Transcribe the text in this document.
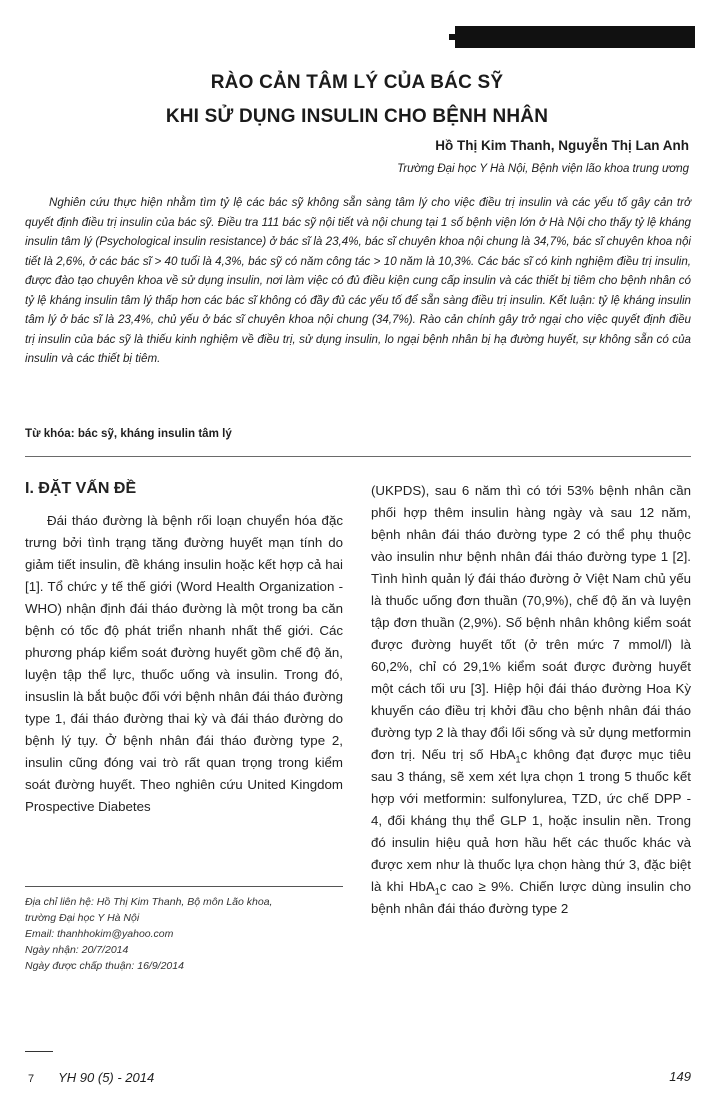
RÀO CẢN TÂM LÝ CỦA BÁC SỸ
KHI SỬ DỤNG INSULIN CHO BỆNH NHÂN
Hồ Thị Kim Thanh, Nguyễn Thị Lan Anh
Trường Đại học Y Hà Nội, Bệnh viện lão khoa trung ương

Nghiên cứu thực hiện nhằm tìm tỷ lệ các bác sỹ không sẵn sàng tâm lý cho việc điều trị insulin và các yếu tố gây cản trở quyết định điều trị insulin của bác sỹ. Điều tra 111 bác sỹ nội tiết và nội chung tại 1 số bệnh viện lớn ở Hà Nội cho thấy tỷ lệ kháng insulin tâm lý (Psychological insulin resistance) ở bác sĩ là 23,4%, bác sĩ chuyên khoa nội chung là 34,7%, bác sĩ chuyên khoa nội tiết là 2,6%, ở các bác sĩ > 40 tuổi là 4,3%, bác sỹ có năm công tác > 10 năm là 10,3%. Các bác sĩ có kinh nghiệm điều trị insulin, được đào tạo chuyên khoa về sử dụng insulin, nơi làm việc có đủ điều kiện cung cấp insulin và các thiết bị tiêm cho bệnh nhân có tỷ lệ kháng insulin tâm lý thấp hơn các bác sĩ không có đầy đủ các yếu tố để sẵn sàng điều trị insulin. Kết luận: tỷ lệ kháng insulin tâm lý ở bác sĩ là 23,4%, chủ yếu ở bác sĩ chuyên khoa nội chung (34,7%). Rào cản chính gây trở ngại cho việc quyết định điều trị insulin của bác sỹ là thiếu kinh nghiệm về điều trị, sử dụng insulin, lo ngại bệnh nhân bị hạ đường huyết, sự không sẵn có của insulin và các thiết bị tiêm.

Từ khóa: bác sỹ, kháng insulin tâm lý

I. ĐẶT VẤN ĐỀ

Đái tháo đường là bệnh rối loạn chuyển hóa đặc trưng bởi tình trạng tăng đường huyết mạn tính do giảm tiết insulin, đề kháng insulin hoặc kết hợp cả hai [1]. Tổ chức y tế thế giới (Word Health Organization - WHO) nhận định đái tháo đường là một trong ba căn bệnh có tốc độ phát triển nhanh nhất thế giới. Các phương pháp kiểm soát đường huyết gồm chế độ ăn, luyện tập thể lực, thuốc uống và insulin. Trong đó, insuslin là bắt buộc đối với bệnh nhân đái tháo đường type 1, đái tháo đường thai kỳ và đái tháo đường do bệnh lý tụy. Ở bệnh nhân đái tháo đường type 2, insulin cũng đóng vai trò rất quan trọng trong kiểm soát đường huyết. Theo nghiên cứu United Kingdom Prospective Diabetes

(UKPDS), sau 6 năm thì có tới 53% bệnh nhân cần phối hợp thêm insulin hàng ngày và sau 12 năm, bệnh nhân đái tháo đường type 2 có thể phụ thuộc vào insulin như bệnh nhân đái tháo đường type 1 [2]. Tình hình quản lý đái tháo đường ở Việt Nam chủ yếu là thuốc uống đơn thuần (70,9%), chế độ ăn và luyện tập đơn thuần (2,9%). Số bệnh nhân không kiểm soát được đường huyết tốt (ở trên mức 7 mmol/l) là 60,2%, chỉ có 29,1% kiểm soát được đường huyết một cách tối ưu [3]. Hiệp hội đái tháo đường Hoa Kỳ khuyến cáo điều trị khởi đầu cho bệnh nhân đái tháo đường typ 2 là thay đổi lối sống và sử dụng metformin đơn trị. Nếu trị số HbA$_1$c không đạt được mục tiêu sau 3 tháng, sẽ xem xét lựa chọn 1 trong 5 thuốc kết hợp với metformin: sulfonylurea, TZD, ức chế DPP - 4, đối kháng thụ thể GLP 1, hoặc insulin nền. Trong đó insulin hiệu quả hơn hầu hết các thuốc khác và được xem như là thuốc lựa chọn hàng thứ 3, đặc biệt là khi HbA$_1$c cao ≥ 9%. Chiến lược dùng insulin cho bệnh nhân đái tháo đường type 2

Địa chỉ liên hệ: Hồ Thị Kim Thanh, Bộ môn Lão khoa,
trường Đại học Y Hà Nội
Email: thanhhokim@yahoo.com
Ngày nhận: 20/7/2014
Ngày được chấp thuận: 16/9/2014
7 YH 90 (5) - 2014	149
